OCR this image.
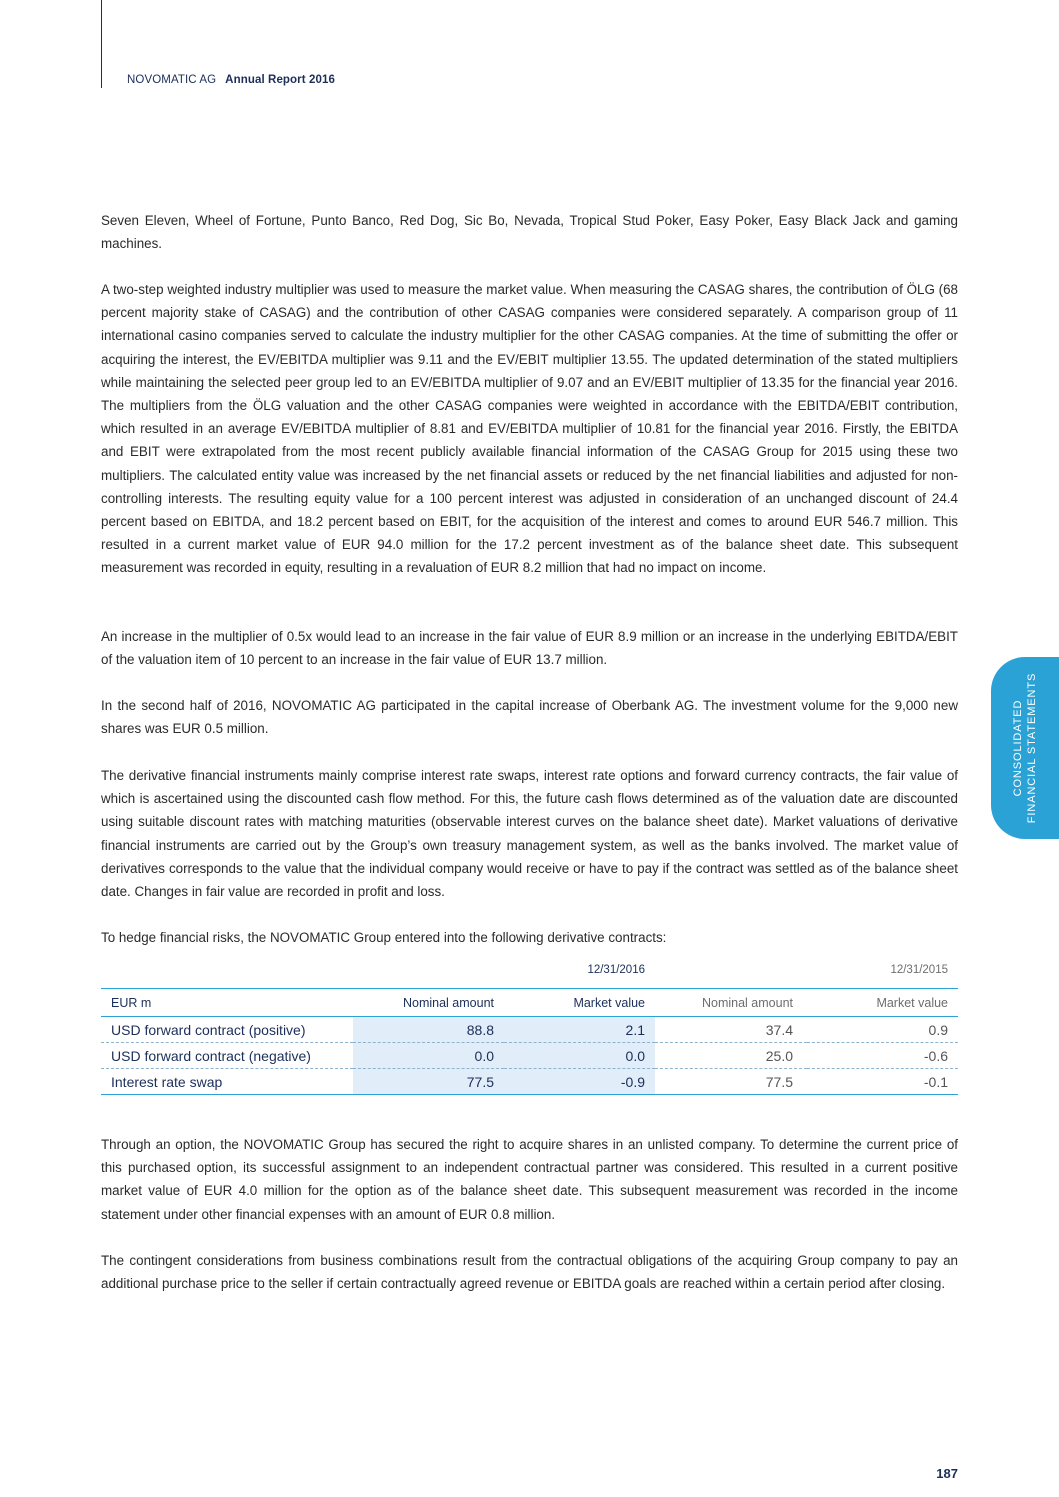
NOVOMATIC AG Annual Report 2016

Seven Eleven, Wheel of Fortune, Punto Banco, Red Dog, Sic Bo, Nevada, Tropical Stud Poker, Easy Poker, Easy Black Jack and gaming machines.

A two-step weighted industry multiplier was used to measure the market value. When measuring the CASAG shares, the contribution of ÖLG (68 percent majority stake of CASAG) and the contribution of other CASAG companies were considered separately. A comparison group of 11 international casino companies served to calculate the industry multiplier for the other CASAG companies. At the time of submitting the offer or acquiring the interest, the EV/EBITDA multiplier was 9.11 and the EV/EBIT multiplier 13.55. The updated determination of the stated multipliers while maintaining the selected peer group led to an EV/EBITDA multiplier of 9.07 and an EV/EBIT multiplier of 13.35 for the financial year 2016. The multipliers from the ÖLG valuation and the other CASAG companies were weighted in accordance with the EBITDA/EBIT contribution, which resulted in an average EV/EBITDA multiplier of 8.81 and EV/EBITDA multiplier of 10.81 for the financial year 2016. Firstly, the EBITDA and EBIT were extrapolated from the most recent publicly available financial information of the CASAG Group for 2015 using these two multipliers. The calculated entity value was increased by the net financial assets or reduced by the net financial liabilities and adjusted for non-controlling interests. The resulting equity value for a 100 percent interest was adjusted in consideration of an unchanged discount of 24.4 percent based on EBITDA, and 18.2 percent based on EBIT, for the acquisition of the interest and comes to around EUR 546.7 million. This resulted in a current market value of EUR 94.0 million for the 17.2 percent investment as of the balance sheet date. This subsequent measurement was recorded in equity, resulting in a revaluation of EUR 8.2 million that had no impact on income.

An increase in the multiplier of 0.5x would lead to an increase in the fair value of EUR 8.9 million or an increase in the underlying EBITDA/EBIT of the valuation item of 10 percent to an increase in the fair value of EUR 13.7 million.

In the second half of 2016, NOVOMATIC AG participated in the capital increase of Oberbank AG. The investment volume for the 9,000 new shares was EUR 0.5 million.

The derivative financial instruments mainly comprise interest rate swaps, interest rate options and forward currency contracts, the fair value of which is ascertained using the discounted cash flow method. For this, the future cash flows determined as of the valuation date are discounted using suitable discount rates with matching maturities (observable interest curves on the balance sheet date). Market valuations of derivative financial instruments are carried out by the Group’s own treasury management system, as well as the banks involved. The market value of derivatives corresponds to the value that the individual company would receive or have to pay if the contract was settled as of the balance sheet date. Changes in fair value are recorded in profit and loss.

To hedge financial risks, the NOVOMATIC Group entered into the following derivative contracts:

12/31/2016	12/31/2015
EUR m	Nominal amount	Market value	Nominal amount	Market value
USD forward contract (positive)	88.8	2.1	37.4	0.9
USD forward contract (negative)	0.0	0.0	25.0	-0.6
Interest rate swap	77.5	-0.9	77.5	-0.1

Through an option, the NOVOMATIC Group has secured the right to acquire shares in an unlisted company. To determine the current price of this purchased option, its successful assignment to an independent contractual partner was considered. This resulted in a current positive market value of EUR 4.0 million for the option as of the balance sheet date. This subsequent measurement was recorded in the income statement under other financial expenses with an amount of EUR 0.8 million.

The contingent considerations from business combinations result from the contractual obligations of the acquiring Group company to pay an additional purchase price to the seller if certain contractually agreed revenue or EBITDA goals are reached within a certain period after closing.

CONSOLIDATED FINANCIAL STATEMENTS
187
